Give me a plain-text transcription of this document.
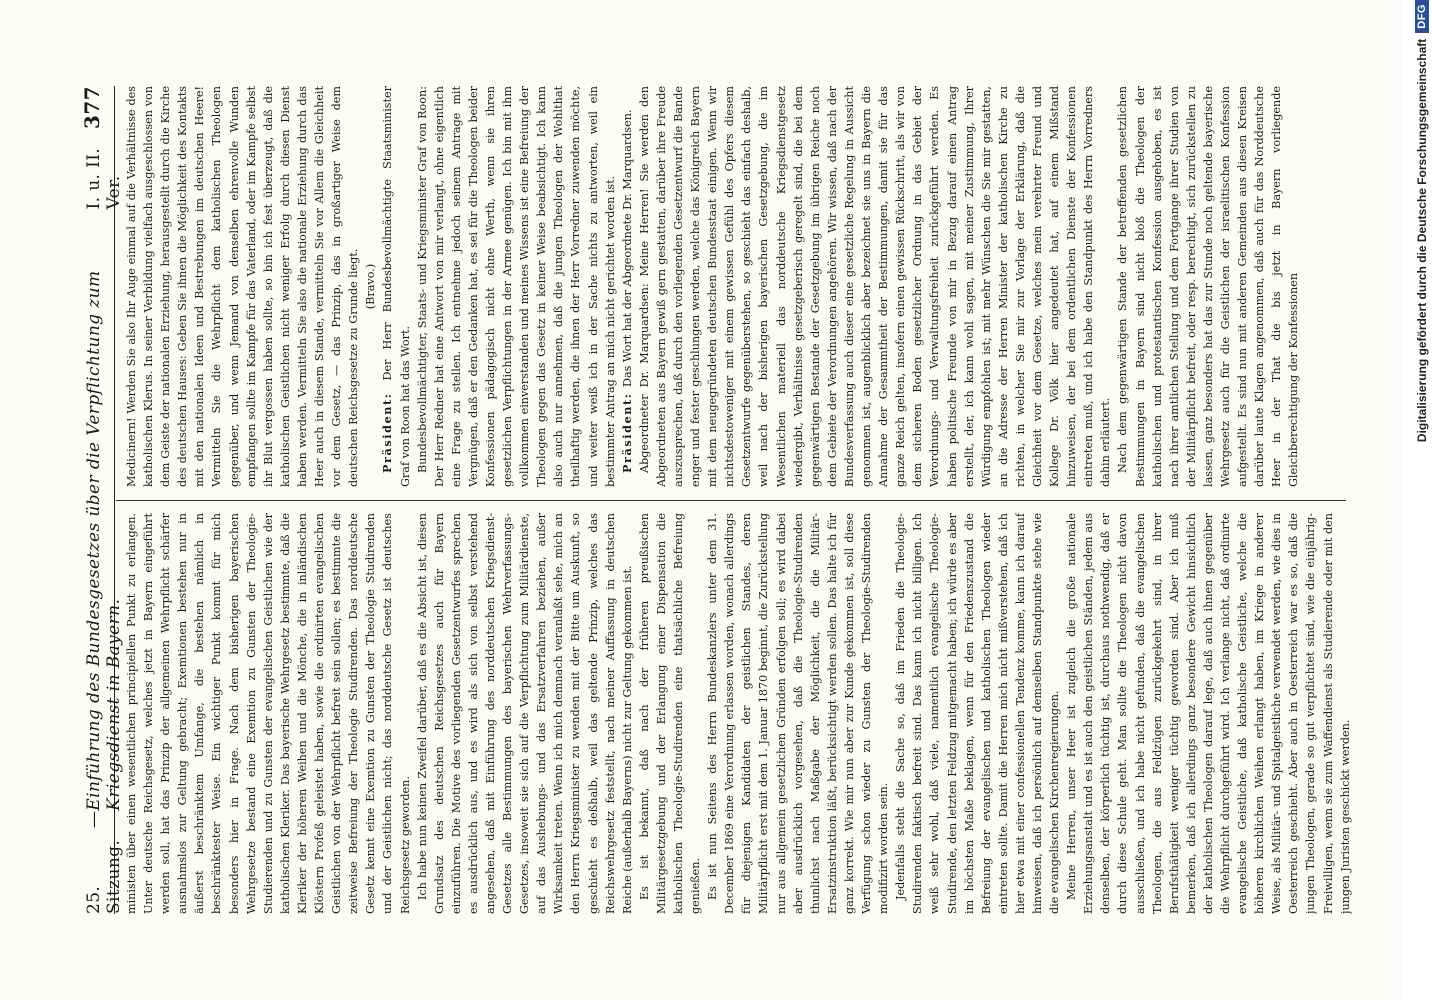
25. Sitzung.
—
Einführung des Bundesgesetzes über die Verpflichtung zum Kriegsdienst in Bayern.
I. u. II. Ver.
377

ministen über einen wesentlichen principiellen Punkt zu erlangen. Unter deutsche Reichsgesetz, welches jetzt in Bayern eingeführt werden soll, hat das Prinzip der allgemeinen Wehrpflicht schärfer ausnahmslos zur Geltung gebracht; Exemtionen bestehen nur in äußerst beschränktem Umfange, die bestehen nämlich in beschränktester Weise. Ein wichtiger Punkt kommt für mich besonders hier in Frage. Nach dem bisherigen bayerischen Wehrgesetze bestand eine Exemtion zu Gunsten der Theologie-Studierenden und zu Gunsten der evangelischen Geistlichen wie der katholischen Kleriker. Das bayerische Wehrgesetz bestimmte, daß die Kleriker der höheren Weihen und die Mönche, die in inländischen Klöstern Profeß geleistet haben, sowie die ordinirten evangelischen Geistlichen von der Wehrpflicht befreit sein sollen; es bestimmte die zeitweise Befreiung der Theologie Studirenden. Das norddeutsche Gesetz kennt eine Exemtion zu Gunsten der Theologie Studirenden und der Geistlichen nicht; das norddeutsche Gesetz ist deutsches Reichsgesetz geworden. Ich habe nun keinen Zweifel darüber, daß es die Absicht ist, diesen Grundsatz des deutschen Reichsgesetzes auch für Bayern einzuführen. Die Motive des vorliegenden Gesetzentwurfes sprechen es ausdrücklich aus, und es wird als sich von selbst verstehend angesehen, daß mit Einführung des norddeutschen Kriegsdienst-Gesetzes alle Bestimmungen des bayerischen Wehrverfassungs-Gesetzes, insoweit sie sich auf die Verpflichtung zum Militärdienste, auf das Aushebungs- und das Ersatzverfahren beziehen, außer Wirksamkeit treten. Wenn ich mich demnach veranlaßt sehe, mich an den Herrn Kriegsminister zu wenden mit der Bitte um Auskunft, so geschieht es deßhalb, weil das geltende Prinzip, welches das Reichswehrgesetz feststellt, nach meiner Auffassung in deutschen Reiche (außerhalb Bayerns) nicht zur Geltung gekommen ist. Es ist bekannt, daß nach der früheren preußischen Militärgesetzgebung und der Erlangung einer Dispensation die katholischen Theologie-Studirenden eine thatsächliche Befreiung genießen. Es ist nun Seitens des Herrn Bundeskanzlers unter dem 31. December 1869 eine Verordnung erlassen worden, wonach allerdings für diejenigen Kandidaten der geistlichen Standes, deren Militärpflicht erst mit dem 1. Januar 1870 beginnt, die Zurückstellung nur aus allgemein gesetzlichen Gründen erfolgen soll; es wird dabei aber ausdrücklich vorgesehen, daß die Theologie-Studirenden thunlichst nach Maßgabe der Möglichkeit, die die Militär-Ersatzinstruktion läßt, berücksichtigt werden sollen. Das halte ich für ganz korrekt. Wie mir nun aber zur Kunde gekommen ist, soll diese Verfügung schon wieder zu Gunsten der Theologie-Studirenden modifizirt worden sein. Jedenfalls steht die Sache so, daß im Frieden die Theologie-Studirenden faktisch befreit sind. Das kann ich nicht billigen. Ich weiß sehr wohl, daß viele, namentlich evangelische Theologie-Studirende, den letzten Feldzug mitgemacht haben; ich würde es aber im höchsten Maße beklagen, wenn für den Friedenszustand die Befreiung der evangelischen und katholischen Theologen wieder eintreten sollte. Damit die Herren mich nicht mißverstehen, daß ich hier etwa mit einer confessionellen Tendenz komme, kann ich darauf hinweisen, daß ich persönlich auf demselben Standpunkte stehe wie die evangelischen Kirchenregierungen. Meine Herren, unser Heer ist zugleich die große nationale Erziehungsanstalt und es ist auch den geistlichen Ständen, jedem aus denselben, der körperlich tüchtig ist, durchaus nothwendig, daß er durch diese Schule geht. Man sollte die Theologen nicht davon ausschließen, und ich habe nicht gefunden, daß die evangelischen Theologen, die aus Feldzügen zurückgekehrt sind, in ihrer Berufsthätigkeit weniger tüchtig geworden sind. Aber ich muß bemerken, daß ich allerdings ganz besondere Gewicht hinsichtlich der katholischen Theologen darauf lege, daß auch ihnen gegenüber die Wehrpflicht durchgeführt wird. Ich verlange nicht, daß ordinirte evangelische Geistliche, daß katholische Geistliche, welche die höheren kirchlichen Weihen erlangt haben, im Kriege in anderer Weise, als Militär- und Spitalgeistliche verwendet werden, wie dies in Oesterreich geschieht. Aber auch in Oesterreich war es so, daß die jungen Theologen, gerade so gut verpflichtet sind, wie die einjährig-Freiwilligen, wenn sie zum Waffendienst als Studierende oder mit den jungen Juristen geschickt werden.

Medicinern! Werden Sie also Ihr Auge einmal auf die Verhältnisse des katholischen Klerus. In seiner Verbildung vielfach ausgeschlossen von dem Geiste der nationalen Erziehung, herausgestellt durch die Kirche des deutschen Hauses: Geben Sie ihnen die Möglichkeit des Kontakts mit den nationalen Ideen und Bestrebungen im deutschen Heere! Vermitteln Sie die Wehrpflicht dem katholischen Theologen gegenüber, und wenn Jemand von denselben ehrenvolle Wunden empfangen sollte im Kampfe für das Vaterland, oder im Kampfe selbst ihr Blut vergossen haben sollte, so bin ich fest überzeugt, daß die katholischen Geistlichen nicht weniger Erfolg durch diesen Dienst haben werden. Vermitteln Sie also die nationale Erziehung durch das Heer auch in diesem Stande, vermitteln Sie vor Allem die Gleichheit vor dem Gesetz, — das Prinzip, das in großartiger Weise dem deutschen Reichsgesetze zu Grunde liegt. (Bravo.)

Präsident: Der Herr Bundesbevollmächtigte Staatsminister Graf von Roon hat das Wort. Bundesbevollmächtigter, Staats- und Kriegsminister Graf von Roon: Der Herr Redner hat eine Antwort von mir verlangt, ohne eigentlich eine Frage zu stellen. Ich entnehme jedoch seinem Antrage mit Vergnügen, daß er den Gedanken hat, es sei für die Theologen beider Konfessionen pädagogisch nicht ohne Werth, wenn sie ihren gesetzlichen Verpflichtungen in der Armee genügen. Ich bin mit ihm vollkommen einverstanden und meines Wissens ist eine Befreiung der Theologen gegen das Gesetz in keiner Weise beabsichtigt. Ich kann also auch nur annehmen, daß die jungen Theologen der Wohlthat theilhaftig werden, die ihnen der Herr Vorredner zuwenden möchte, und weiter weiß ich in der Sache nichts zu antworten, weil ein bestimmter Antrag an mich nicht gerichtet worden ist. Präsident: Das Wort hat der Abgeordnete Dr. Marquardsen. Abgeordneter Dr. Marquardsen: Meine Herren! Sie werden den Abgeordneten aus Bayern gewiß gern gestatten, darüber ihre Freude auszusprechen, daß durch den vorliegenden Gesetzentwurf die Bande enger und fester geschlungen werden, welche das Königreich Bayern mit dem neugegründeten deutschen Bundesstaat einigen. Wenn wir nichtsdestoweniger mit einem gewissen Gefühl des Opfers diesem Gesetzentwurfe gegenüberstehen, so geschieht das einfach deshalb, weil nach der bisherigen bayerischen Gesetzgebung, die im Wesentlichen materiell das norddeutsche Kriegsdienstgesetz wiedergibt, Verhältnisse gesetzgeberisch geregelt sind, die bei dem gegenwärtigen Bestande der Gesetzgebung im übrigen Reiche noch dem Gebiete der Verordnungen angehören. Wir wissen, daß nach der Bundesverfassung auch dieser eine gesetzliche Regelung in Aussicht genommen ist, augenblicklich aber bezeichnet sie uns in Bayern die Annahme der Gesammtheit der Bestimmungen, damit sie für das ganze Reich gelten, insofern einen gewissen Rückschritt, als wir von dem sicheren Boden gesetzlicher Ordnung in das Gebiet der Verordnungs- und Verwaltungsfreiheit zurückgeführt werden. Es haben politische Freunde von mir in Bezug darauf einen Antrag erstellt, der, ich kann wohl sagen, mit meiner Zustimmung, Ihrer Würdigung empfohlen ist; mit mehr Wünschen die Sie mir gestatten, an die Adresse der Herren Minister der katholischen Kirche zu richten, in welcher Sie mir zur Vorlage der Erklärung, daß die Gleichheit vor dem Gesetze, welches mein verehrter Freund und Kollege Dr. Völk hier angedeutet hat, auf einem Mißstand hinzuweisen, der bei dem ordentlichen Dienste der Konfessionen eintreten muß, und ich habe den Standpunkt des Herrn Vorredners dahin erläutert. Nach dem gegenwärtigen Stande der betreffenden gesetzlichen Bestimmungen in Bayern sind nicht bloß die Theologen der katholischen und protestantischen Konfession ausgehoben, es ist nach ihrer amtlichen Stellung und dem Fortgange ihrer Studien von der Militärpflicht befreit, oder resp. berechtigt, sich zurückstellen zu lassen, ganz besonders hat das zur Stunde noch geltende bayerische Wehrgesetz auch für die Geistlichen der israelitischen Konfession aufgestellt. Es sind nun mit anderen Gemeinden aus diesen Kreisen darüber laute Klagen angenommen, daß auch für das Norddeutsche Heer in der That die bis jetzt in Bayern vorliegende Gleichberechtigung der Konfessionen	Digitalisierung gefördert durch die Deutsche Forschungsgemeinschaft
DFG
